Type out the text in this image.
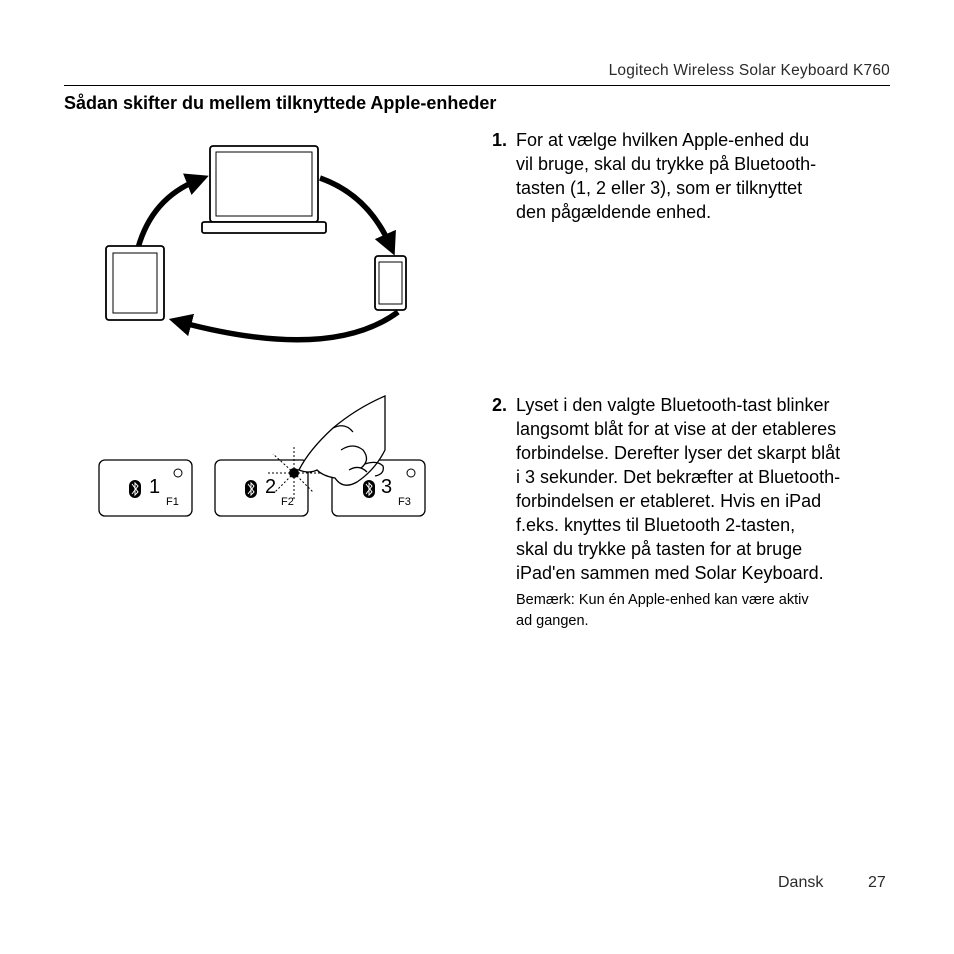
Logitech Wireless Solar Keyboard K760
Sådan skifter du mellem tilknyttede Apple-enheder
1
F1
2
F2
3
F3
1. For at vælge hvilken Apple-enhed du
vil bruge, skal du trykke på Bluetooth-
tasten (1, 2 eller 3), som er tilknyttet
den pågældende enhed.
2. Lyset i den valgte Bluetooth-tast blinker
langsomt blåt for at vise at der etableres
forbindelse. Derefter lyser det skarpt blåt
i 3 sekunder. Det bekræfter at Bluetooth-
forbindelsen er etableret. Hvis en iPad
f.eks. knyttes til Bluetooth 2-tasten,
skal du trykke på tasten for at bruge
iPad'en sammen med Solar Keyboard.
Bemærk: Kun én Apple-enhed kan være aktiv
ad gangen.
Dansk	27
